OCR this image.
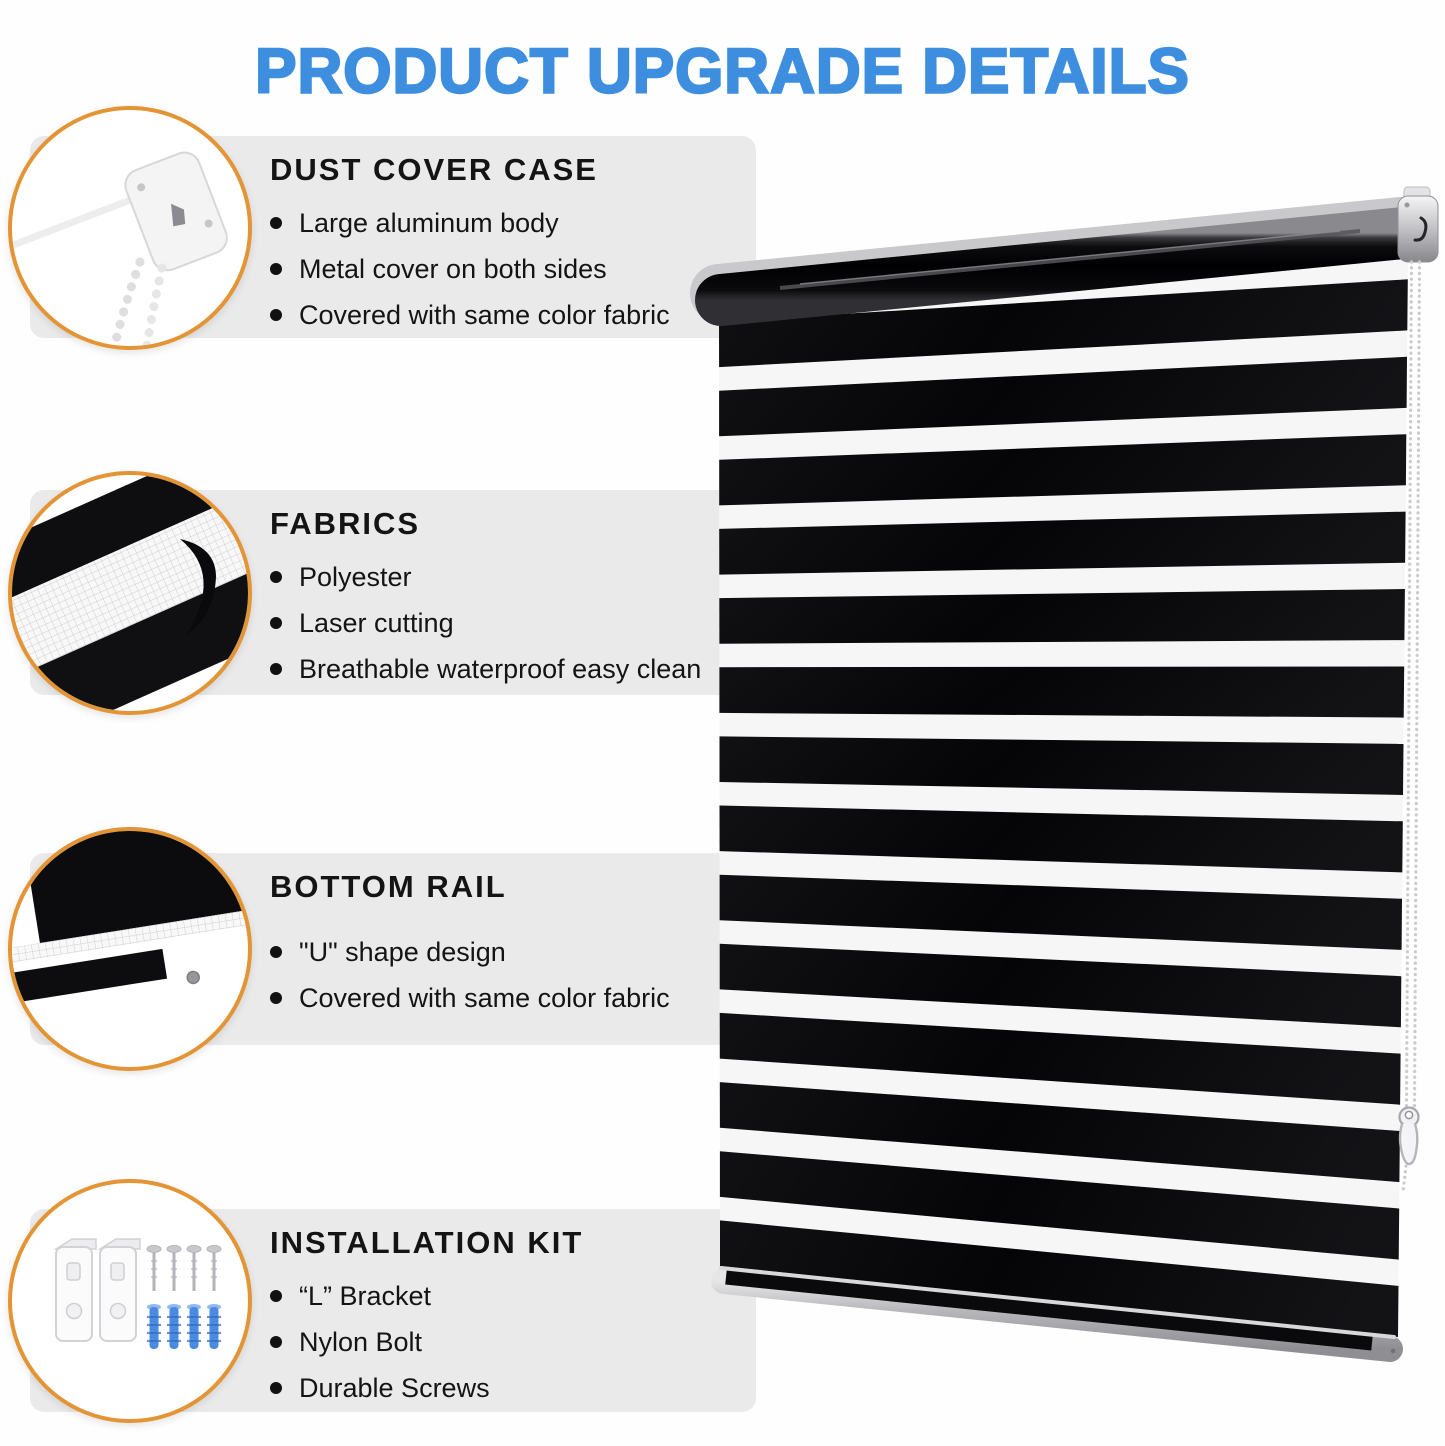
PRODUCT UPGRADE DETAILS
DUST COVER CASE
Large aluminum body
Metal cover on both sides
Covered with same color fabric
FABRICS
Polyester
Laser cutting
Breathable waterproof easy clean
BOTTOM RAIL
"U" shape design
Covered with same color fabric
INSTALLATION KIT
“L” Bracket
Nylon Bolt
Durable Screws
